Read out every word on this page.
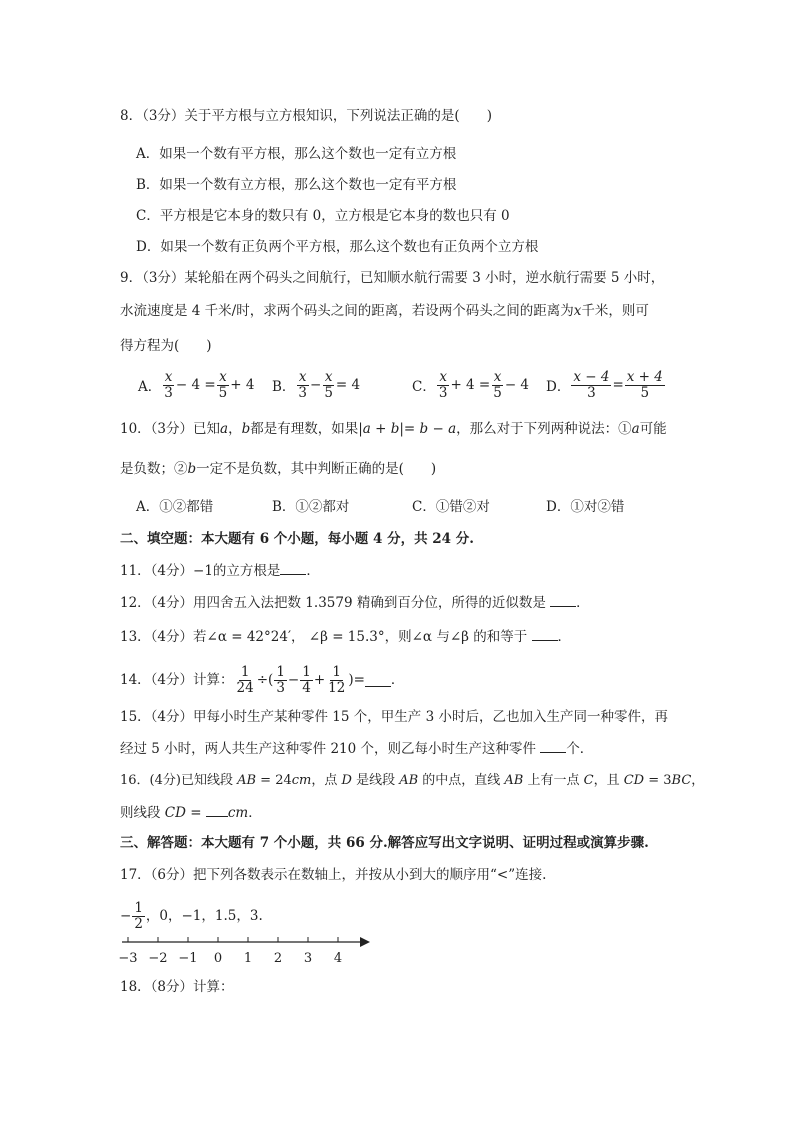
8．（3分）关于平方根与立方根知识，下列说法正确的是(　　)
A．如果一个数有平方根，那么这个数也一定有立方根
B．如果一个数有立方根，那么这个数也一定有平方根
C．平方根是它本身的数只有 0，立方根是它本身的数也只有 0
D．如果一个数有正负两个平方根，那么这个数也有正负两个立方根
9．（3分）某轮船在两个码头之间航行，已知顺水航行需要 3 小时，逆水航行需要 5 小时，
水流速度是 4 千米/时，求两个码头之间的距离，若设两个码头之间的距离为x千米，则可
得方程为(　　)
A． $\frac{x}{3} - 4 = \frac{x}{5} + 4$ B． $\frac{x}{3} - \frac{x}{5} = 4$	C． $\frac{x}{3} + 4 = \frac{x}{5} - 4$ D． $\frac{x - 4}{3} = \frac{x + 4}{5}$
10．（3分）已知a，b都是有理数，如果|a + b|= b − a，那么对于下列两种说法：①a可能
是负数；②b一定不是负数，其中判断正确的是(　　)
A．①②都错	B．①②都对	C．①错②对	D．①对②错
二、填空题：本大题有 6 个小题，每小题 4 分，共 24 分.
11．（4分）−1的立方根是 ．
12．（4分）用四舍五入法把数 1.3579 精确到百分位，所得的近似数是 ．
13．（4分）若∠α = 42°24′， ∠β = 15.3°，则∠α 与∠β 的和等于 ．
14．（4分）计算： $\frac{1}{24}$ ÷( $\frac{1}{3} - \frac{1}{4} + \frac{1}{12}$ )= ．
15．（4分）甲每小时生产某种零件 15 个，甲生产 3 小时后，乙也加入生产同一种零件，再
经过 5 小时，两人共生产这种零件 210 个，则乙每小时生产这种零件 个．
16．(4分)已知线段 AB = 24cm，点 D 是线段 AB 的中点，直线 AB 上有一点 C，且 CD = 3BC，
则线段 CD = cm．
三、解答题：本大题有 7 个小题，共 66 分.解答应写出文字说明、证明过程或演算步骤.
17．（6分）把下列各数表示在数轴上，并按从小到大的顺序用“<”连接.
− $\frac{1}{2}$ ，0，−1，1.5，3.
−3 −2 −1 0 1 2 3 4
18．（8分）计算：
